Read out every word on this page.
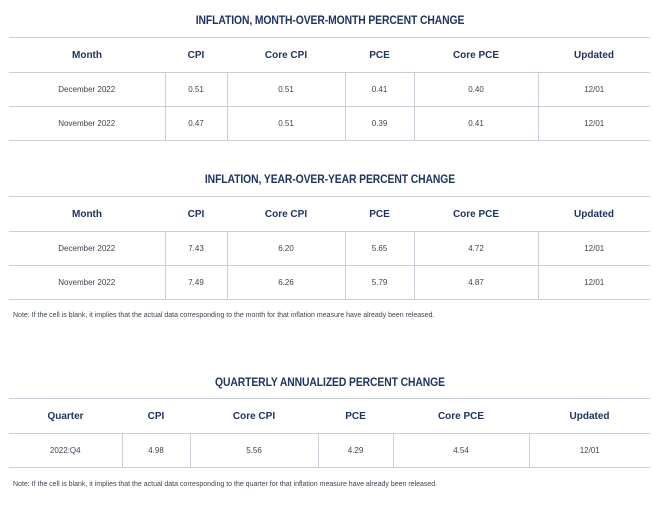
INFLATION, MONTH-OVER-MONTH PERCENT CHANGE
Month	CPI	Core CPI	PCE	Core PCE	Updated
December 2022	0.51	0.51	0.41	0.40	12/01
November 2022	0.47	0.51	0.39	0.41	12/01
INFLATION, YEAR-OVER-YEAR PERCENT CHANGE
Month	CPI	Core CPI	PCE	Core PCE	Updated
December 2022	7.43	6.20	5.65	4.72	12/01
November 2022	7.49	6.26	5.79	4.87	12/01
Note: If the cell is blank, it implies that the actual data corresponding to the month for that inflation measure have already been released.
QUARTERLY ANNUALIZED PERCENT CHANGE
Quarter	CPI	Core CPI	PCE	Core PCE	Updated
2022:Q4	4.98	5.56	4.29	4.54	12/01
Note: If the cell is blank, it implies that the actual data corresponding to the quarter for that inflation measure have already been released.
